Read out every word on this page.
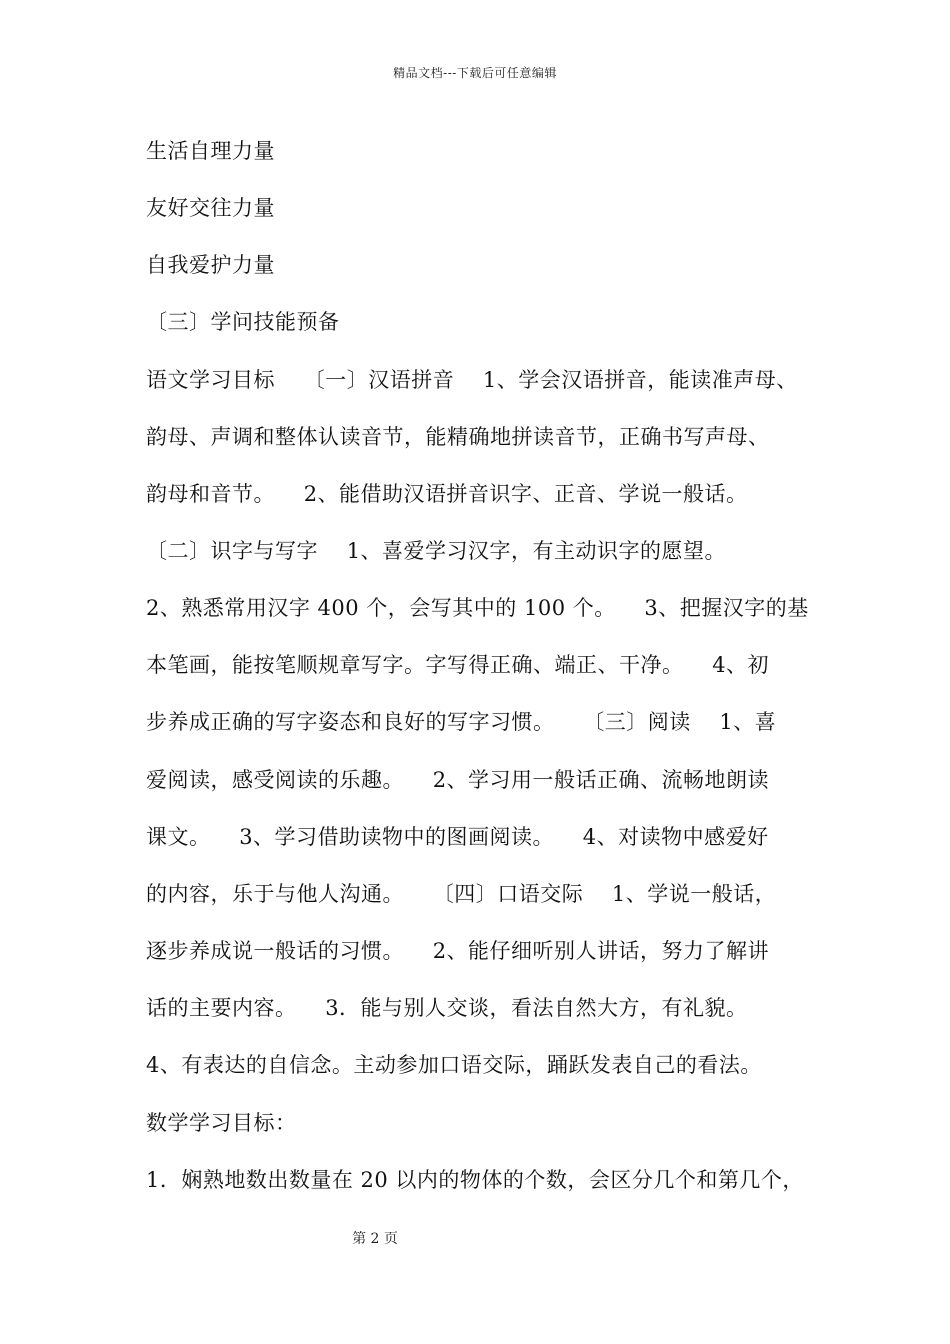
精品文档---下载后可任意编辑
生活自理力量
友好交往力量
自我爱护力量
〔三〕学问技能预备
语文学习目标    〔一〕汉语拼音    1、学会汉语拼音，能读准声母、
韵母、声调和整体认读音节，能精确地拼读音节，正确书写声母、
韵母和音节。    2、能借助汉语拼音识字、正音、学说一般话。
〔二〕识字与写字    1、喜爱学习汉字，有主动识字的愿望。
2、熟悉常用汉字 400 个，会写其中的 100 个。    3、把握汉字的基
本笔画，能按笔顺规章写字。字写得正确、端正、干净。    4、初
步养成正确的写字姿态和良好的写字习惯。    〔三〕阅读    1、喜
爱阅读，感受阅读的乐趣。    2、学习用一般话正确、流畅地朗读
课文。    3、学习借助读物中的图画阅读。    4、对读物中感爱好
的内容，乐于与他人沟通。    〔四〕口语交际    1、学说一般话，
逐步养成说一般话的习惯。    2、能仔细听别人讲话，努力了解讲
话的主要内容。    3．能与别人交谈，看法自然大方，有礼貌。
4、有表达的自信念。主动参加口语交际，踊跃发表自己的看法。
数学学习目标：
1．娴熟地数出数量在 20 以内的物体的个数，会区分几个和第几个，
第 2 页
